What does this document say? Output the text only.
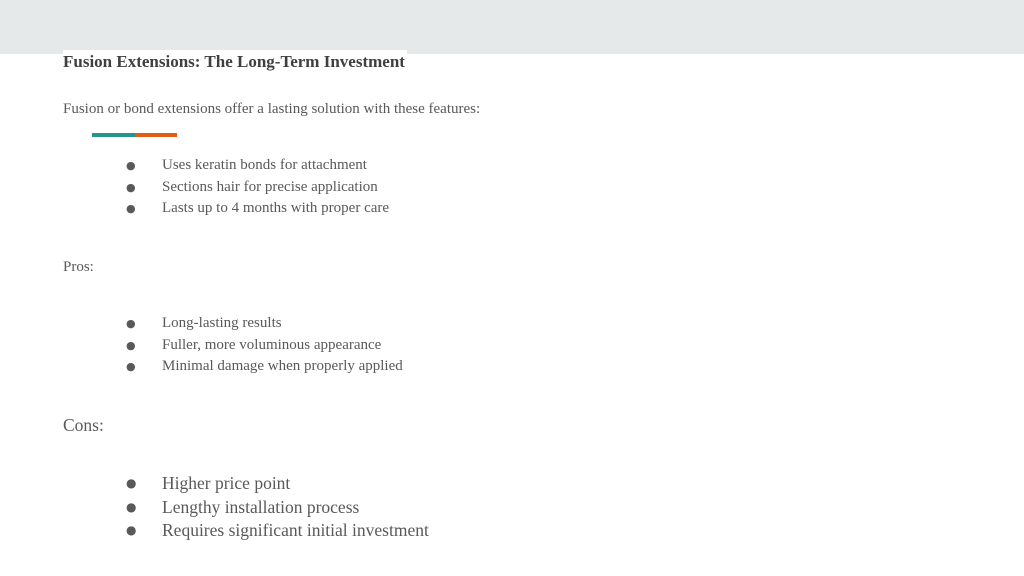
Fusion Extensions: The Long-Term Investment
Fusion or bond extensions offer a lasting solution with these features:
● Uses keratin bonds for attachment
● Sections hair for precise application
● Lasts up to 4 months with proper care
Pros:
● Long-lasting results
● Fuller, more voluminous appearance
● Minimal damage when properly applied
Cons:
● Higher price point
● Lengthy installation process
● Requires significant initial investment
